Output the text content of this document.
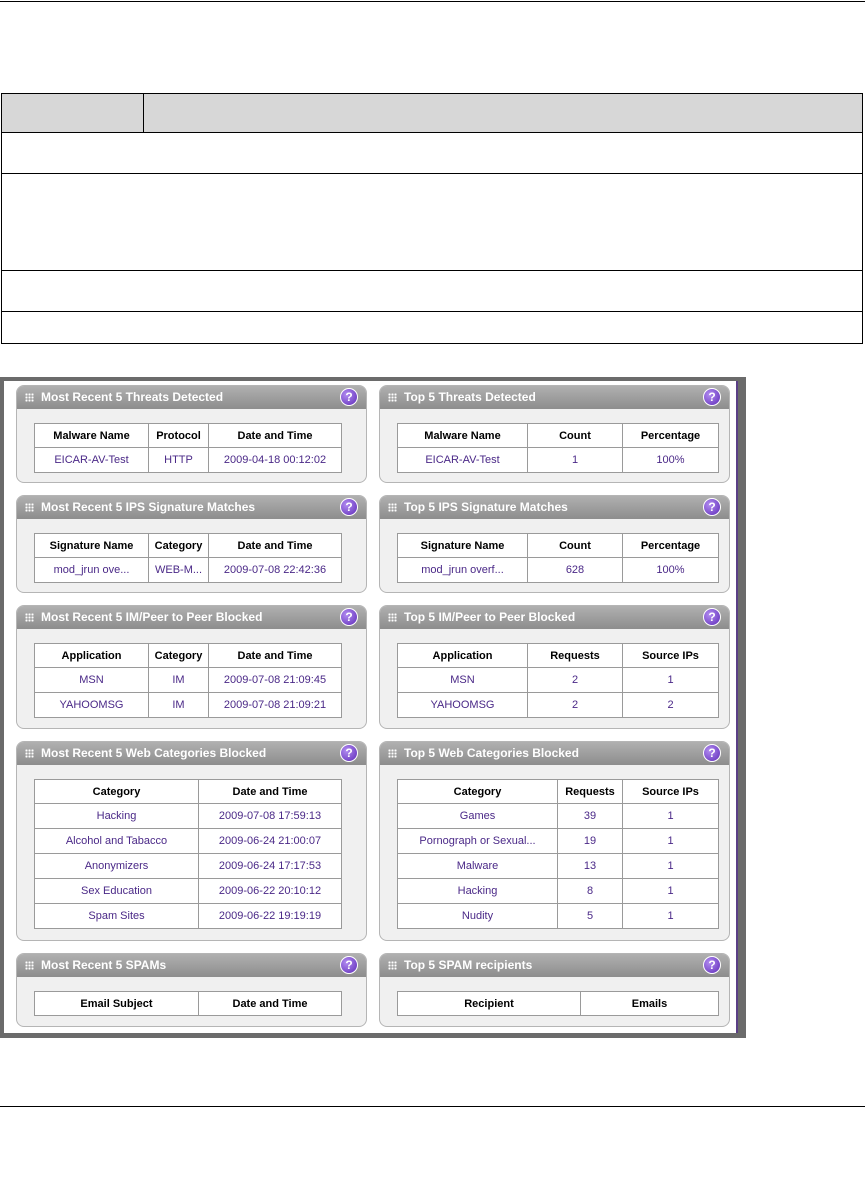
Most Recent 5 Threats Detected	?
Malware Name	Protocol	Date and Time
EICAR-AV-Test	HTTP	2009-04-18 00:12:02
Top 5 Threats Detected	?
Malware Name	Count	Percentage
EICAR-AV-Test	1	100%
Most Recent 5 IPS Signature Matches	?
Signature Name	Category	Date and Time
mod_jrun ove...	WEB-M...	2009-07-08 22:42:36
Top 5 IPS Signature Matches	?
Signature Name	Count	Percentage
mod_jrun overf...	628	100%
Most Recent 5 IM/Peer to Peer Blocked	?
Application	Category	Date and Time
MSN	IM	2009-07-08 21:09:45
YAHOOMSG	IM	2009-07-08 21:09:21
Top 5 IM/Peer to Peer Blocked	?
Application	Requests	Source IPs
MSN	2	1
YAHOOMSG	2	2
Most Recent 5 Web Categories Blocked	?
Category	Date and Time
Hacking	2009-07-08 17:59:13
Alcohol and Tabacco	2009-06-24 21:00:07
Anonymizers	2009-06-24 17:17:53
Sex Education	2009-06-22 20:10:12
Spam Sites	2009-06-22 19:19:19
Top 5 Web Categories Blocked	?
Category	Requests	Source IPs
Games	39	1
Pornograph or Sexual...	19	1
Malware	13	1
Hacking	8	1
Nudity	5	1
Most Recent 5 SPAMs	?
Email Subject	Date and Time
Top 5 SPAM recipients	?
Recipient	Emails
